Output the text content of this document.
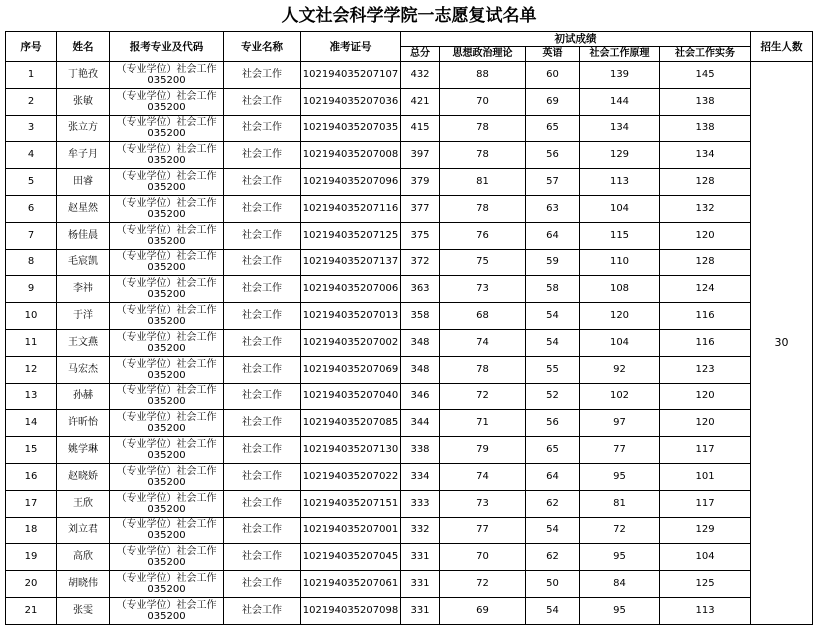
人文社会科学学院一志愿复试名单
序号	姓名	报考专业及代码	专业名称	准考证号	初试成绩					招生人数
					总分	思想政治理论	英语	社会工作原理	社会工作实务	
1	丁艳孜	（专业学位）社会工作
035200	社会工作	102194035207107	432	88	60	139	145	30
2	张敏	（专业学位）社会工作
035200	社会工作	102194035207036	421	70	69	144	138	
3	张立方	（专业学位）社会工作
035200	社会工作	102194035207035	415	78	65	134	138	
4	牟子月	（专业学位）社会工作
035200	社会工作	102194035207008	397	78	56	129	134	
5	田睿	（专业学位）社会工作
035200	社会工作	102194035207096	379	81	57	113	128	
6	赵星然	（专业学位）社会工作
035200	社会工作	102194035207116	377	78	63	104	132	
7	杨佳晨	（专业学位）社会工作
035200	社会工作	102194035207125	375	76	64	115	120	
8	毛宸凯	（专业学位）社会工作
035200	社会工作	102194035207137	372	75	59	110	128	
9	李祎	（专业学位）社会工作
035200	社会工作	102194035207006	363	73	58	108	124	
10	于洋	（专业学位）社会工作
035200	社会工作	102194035207013	358	68	54	120	116	
11	王文燕	（专业学位）社会工作
035200	社会工作	102194035207002	348	74	54	104	116	
12	马宏杰	（专业学位）社会工作
035200	社会工作	102194035207069	348	78	55	92	123	
13	孙赫	（专业学位）社会工作
035200	社会工作	102194035207040	346	72	52	102	120	
14	许昕怡	（专业学位）社会工作
035200	社会工作	102194035207085	344	71	56	97	120	
15	姚学琳	（专业学位）社会工作
035200	社会工作	102194035207130	338	79	65	77	117	
16	赵晓娇	（专业学位）社会工作
035200	社会工作	102194035207022	334	74	64	95	101	
17	王欣	（专业学位）社会工作
035200	社会工作	102194035207151	333	73	62	81	117	
18	刘立君	（专业学位）社会工作
035200	社会工作	102194035207001	332	77	54	72	129	
19	高欣	（专业学位）社会工作
035200	社会工作	102194035207045	331	70	62	95	104	
20	胡晓伟	（专业学位）社会工作
035200	社会工作	102194035207061	331	72	50	84	125	
21	张雯	（专业学位）社会工作
035200	社会工作	102194035207098	331	69	54	95	113	
